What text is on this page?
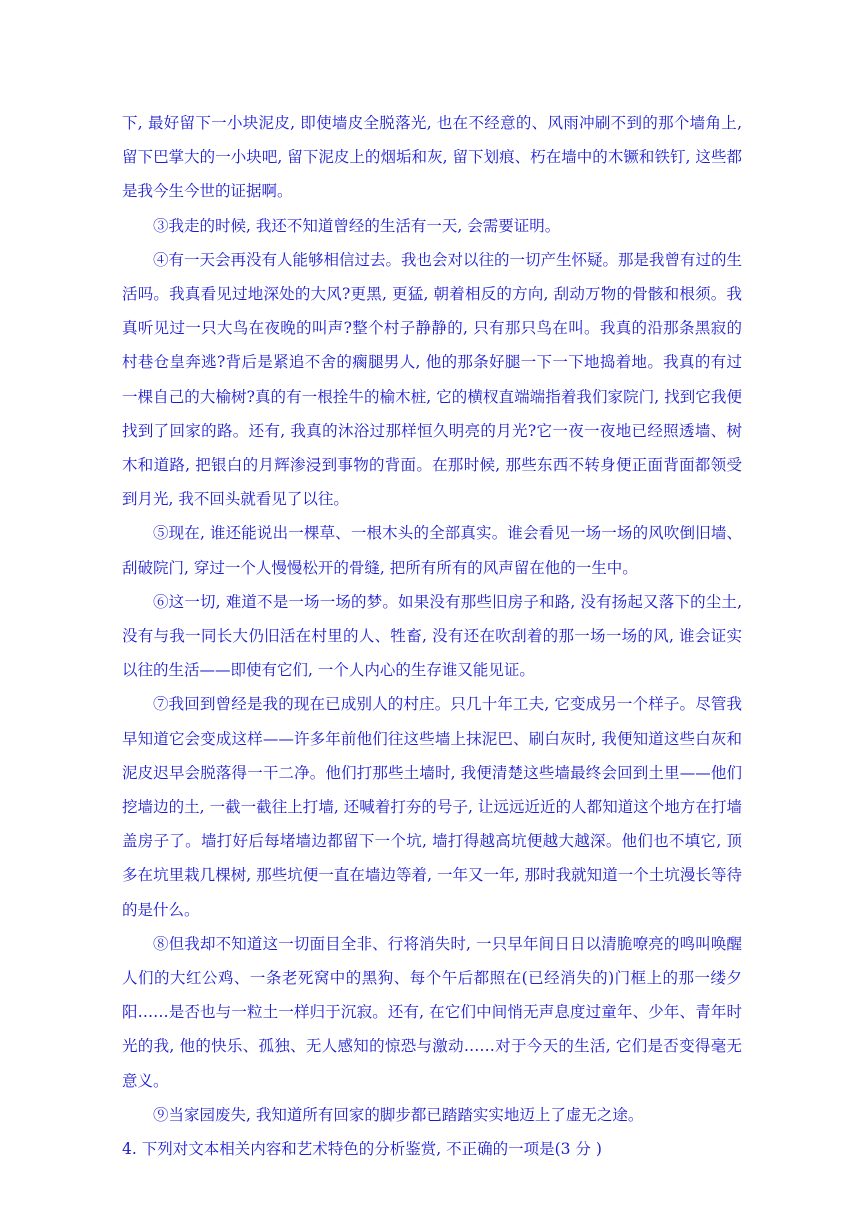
下, 最好留下一小块泥皮, 即使墙皮全脱落光, 也在不经意的、风雨冲刷不到的那个墙角上, 留下巴掌大的一小块吧, 留下泥皮上的烟垢和灰, 留下划痕、朽在墙中的木镢和铁钉, 这些都是我今生今世的证据啊。

③我走的时候, 我还不知道曾经的生活有一天, 会需要证明。

④有一天会再没有人能够相信过去。我也会对以往的一切产生怀疑。那是我曾有过的生活吗。我真看见过地深处的大风?更黑, 更猛, 朝着相反的方向, 刮动万物的骨骸和根须。我真听见过一只大鸟在夜晚的叫声?整个村子静静的, 只有那只鸟在叫。我真的沿那条黑寂的村巷仓皇奔逃?背后是紧追不舍的瘸腿男人, 他的那条好腿一下一下地捣着地。我真的有过一棵自己的大榆树?真的有一根拴牛的榆木桩, 它的横杈直端端指着我们家院门, 找到它我便找到了回家的路。还有, 我真的沐浴过那样恒久明亮的月光?它一夜一夜地已经照透墙、树木和道路, 把银白的月辉渗浸到事物的背面。在那时候, 那些东西不转身便正面背面都领受到月光, 我不回头就看见了以往。

⑤现在, 谁还能说出一棵草、一根木头的全部真实。谁会看见一场一场的风吹倒旧墙、刮破院门, 穿过一个人慢慢松开的骨缝, 把所有所有的风声留在他的一生中。

⑥这一切, 难道不是一场一场的梦。如果没有那些旧房子和路, 没有扬起又落下的尘土, 没有与我一同长大仍旧活在村里的人、牲畜, 没有还在吹刮着的那一场一场的风, 谁会证实以往的生活——即使有它们, 一个人内心的生存谁又能见证。

⑦我回到曾经是我的现在已成别人的村庄。只几十年工夫, 它变成另一个样子。尽管我早知道它会变成这样——许多年前他们往这些墙上抹泥巴、刷白灰时, 我便知道这些白灰和泥皮迟早会脱落得一干二净。他们打那些土墙时, 我便清楚这些墙最终会回到土里——他们挖墙边的土, 一截一截往上打墙, 还喊着打夯的号子, 让远远近近的人都知道这个地方在打墙盖房子了。墙打好后每堵墙边都留下一个坑, 墙打得越高坑便越大越深。他们也不填它, 顶多在坑里栽几棵树, 那些坑便一直在墙边等着, 一年又一年, 那时我就知道一个土坑漫长等待的是什么。

⑧但我却不知道这一切面目全非、行将消失时, 一只早年间日日以清脆嘹亮的鸣叫唤醒人们的大红公鸡、一条老死窝中的黑狗、每个午后都照在(已经消失的)门框上的那一缕夕阳……是否也与一粒土一样归于沉寂。还有, 在它们中间悄无声息度过童年、少年、青年时光的我, 他的快乐、孤独、无人感知的惊恐与激动……对于今天的生活, 它们是否变得毫无意义。

⑨当家园废失, 我知道所有回家的脚步都已踏踏实实地迈上了虚无之途。

4. 下列对文本相关内容和艺术特色的分析鉴赏, 不正确的一项是(3 分 )
